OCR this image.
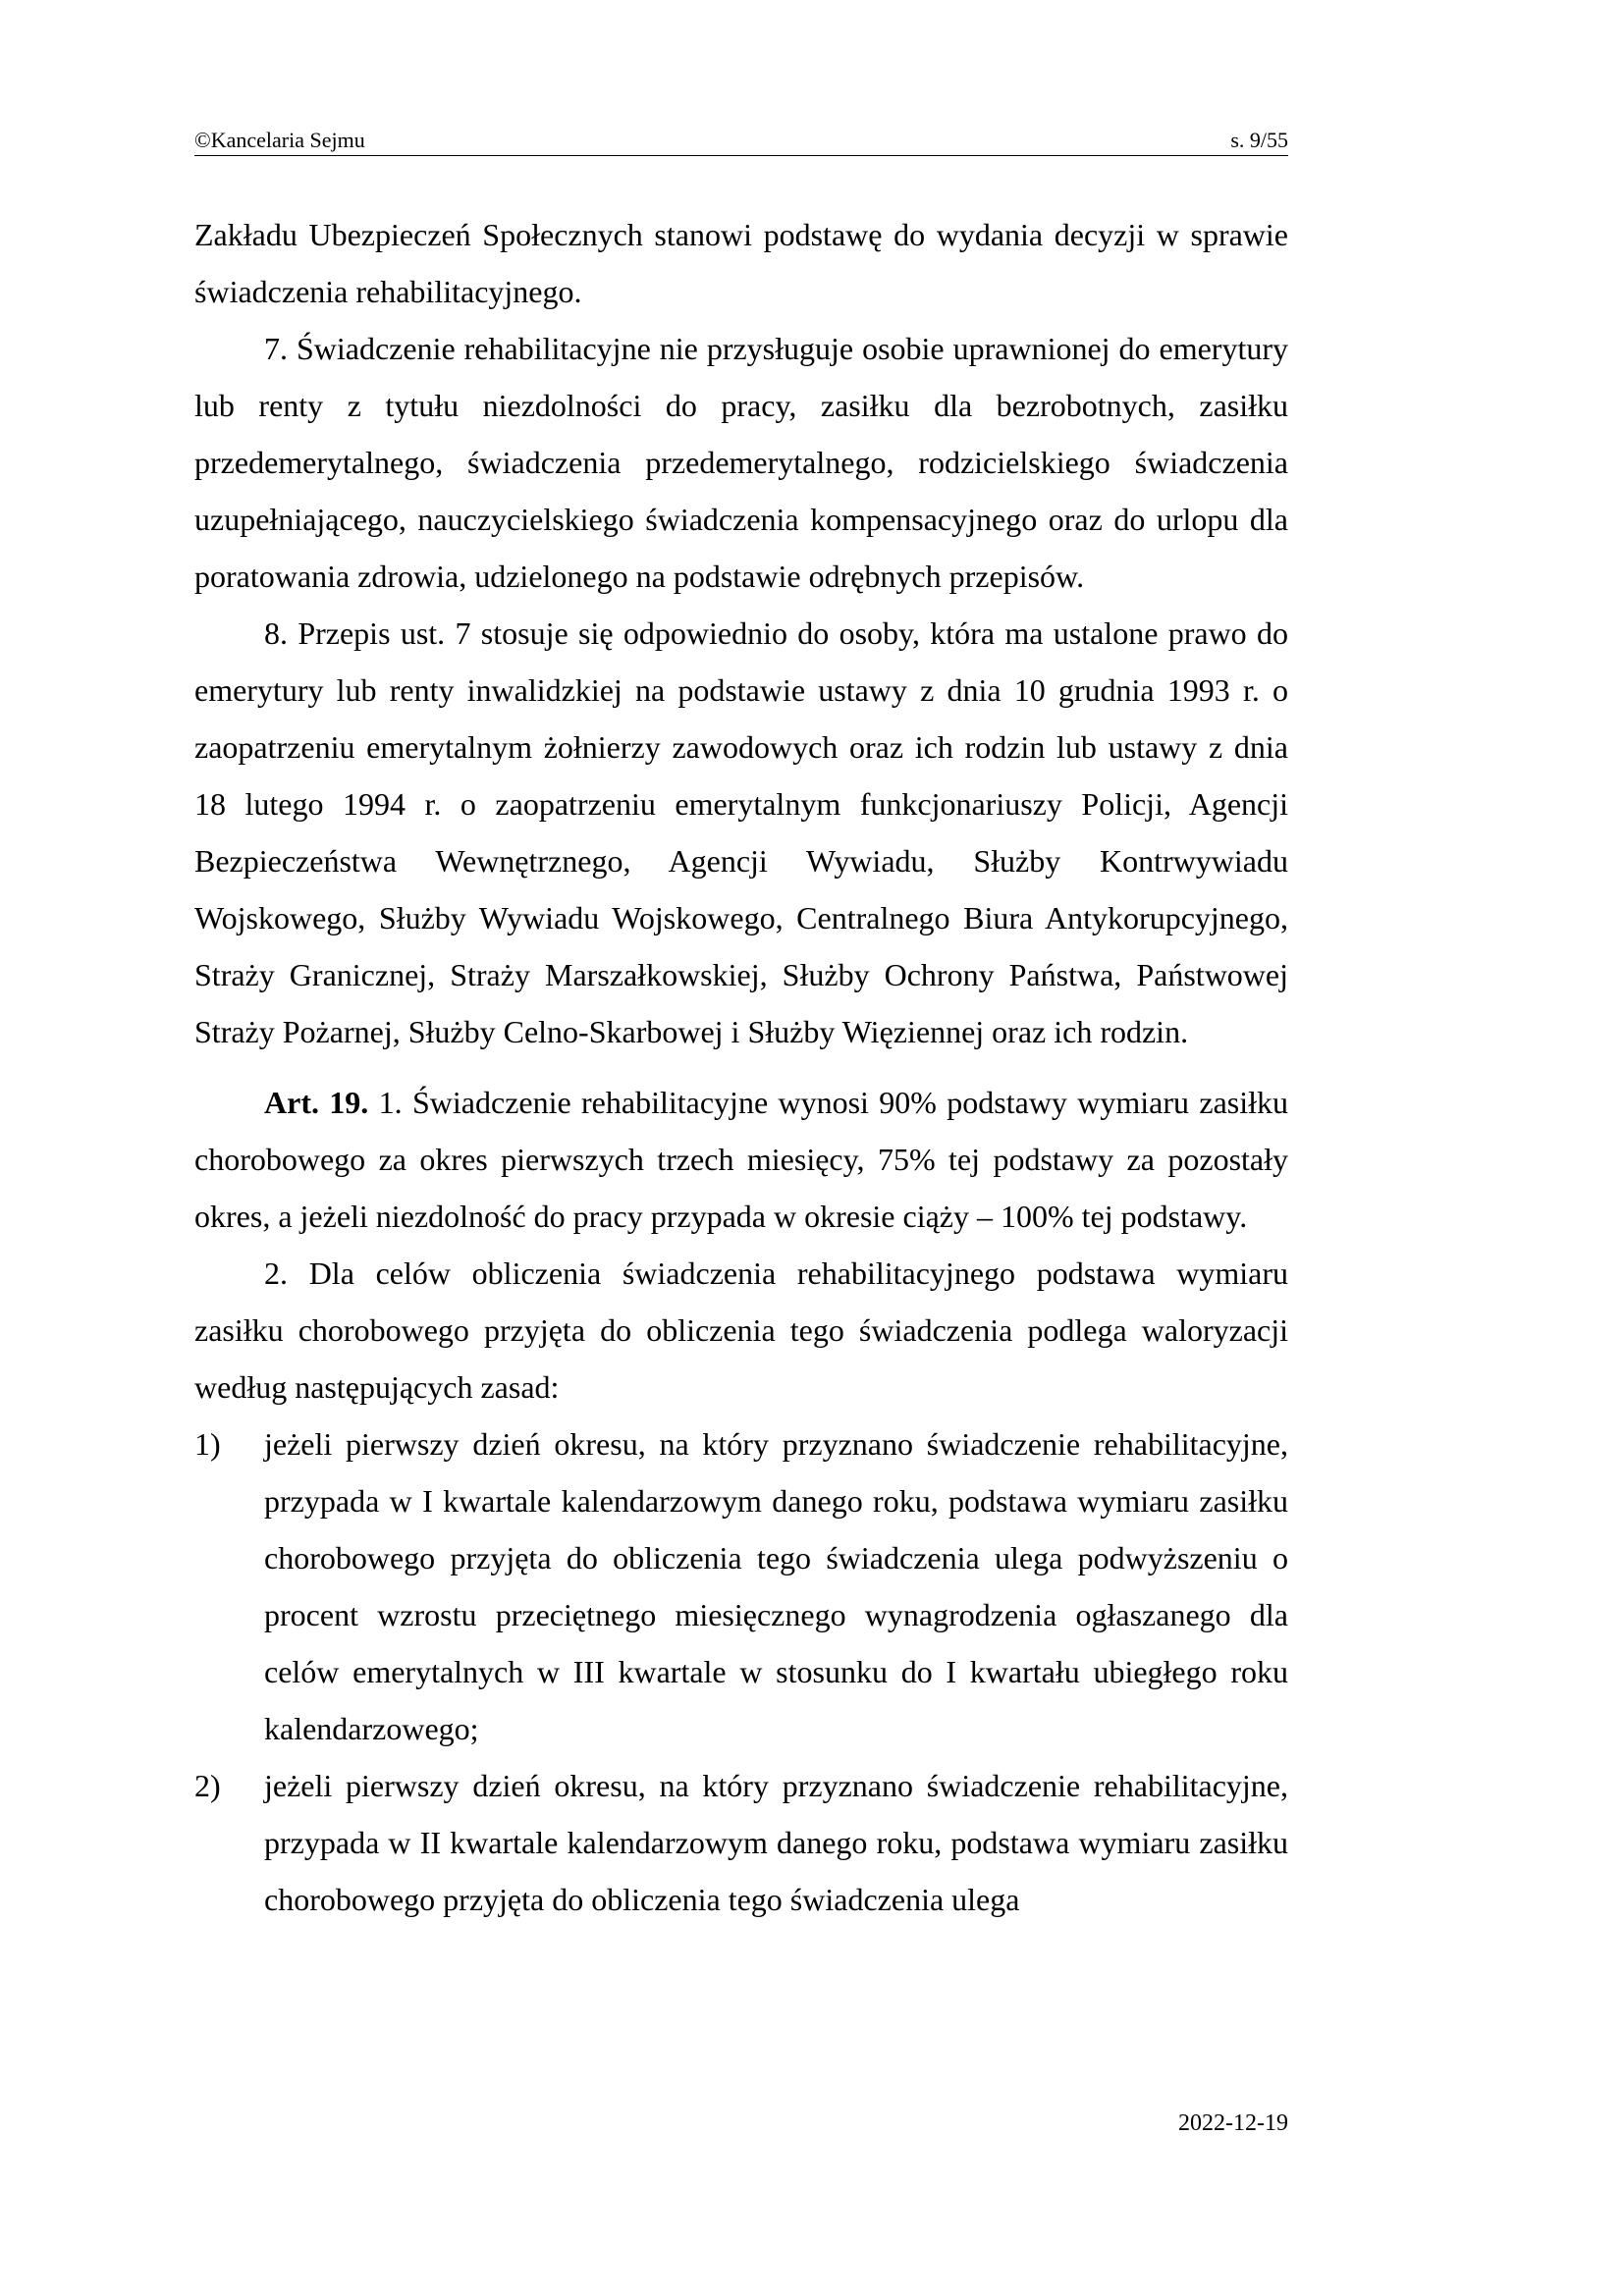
©Kancelaria Sejmu	s. 9/55

Zakładu Ubezpieczeń Społecznych stanowi podstawę do wydania decyzji w sprawie świadczenia rehabilitacyjnego.

7. Świadczenie rehabilitacyjne nie przysługuje osobie uprawnionej do emerytury lub renty z tytułu niezdolności do pracy, zasiłku dla bezrobotnych, zasiłku przedemerytalnego, świadczenia przedemerytalnego, rodzicielskiego świadczenia uzupełniającego, nauczycielskiego świadczenia kompensacyjnego oraz do urlopu dla poratowania zdrowia, udzielonego na podstawie odrębnych przepisów.

8. Przepis ust. 7 stosuje się odpowiednio do osoby, która ma ustalone prawo do emerytury lub renty inwalidzkiej na podstawie ustawy z dnia 10 grudnia 1993 r. o zaopatrzeniu emerytalnym żołnierzy zawodowych oraz ich rodzin lub ustawy z dnia 18 lutego 1994 r. o zaopatrzeniu emerytalnym funkcjonariuszy Policji, Agencji Bezpieczeństwa Wewnętrznego, Agencji Wywiadu, Służby Kontrwywiadu Wojskowego, Służby Wywiadu Wojskowego, Centralnego Biura Antykorupcyjnego, Straży Granicznej, Straży Marszałkowskiej, Służby Ochrony Państwa, Państwowej Straży Pożarnej, Służby Celno-Skarbowej i Służby Więziennej oraz ich rodzin.

Art. 19. 1. Świadczenie rehabilitacyjne wynosi 90% podstawy wymiaru zasiłku chorobowego za okres pierwszych trzech miesięcy, 75% tej podstawy za pozostały okres, a jeżeli niezdolność do pracy przypada w okresie ciąży – 100% tej podstawy.

2. Dla celów obliczenia świadczenia rehabilitacyjnego podstawa wymiaru zasiłku chorobowego przyjęta do obliczenia tego świadczenia podlega waloryzacji według następujących zasad:

1) jeżeli pierwszy dzień okresu, na który przyznano świadczenie rehabilitacyjne, przypada w I kwartale kalendarzowym danego roku, podstawa wymiaru zasiłku chorobowego przyjęta do obliczenia tego świadczenia ulega podwyższeniu o procent wzrostu przeciętnego miesięcznego wynagrodzenia ogłaszanego dla celów emerytalnych w III kwartale w stosunku do I kwartału ubiegłego roku kalendarzowego;
2) jeżeli pierwszy dzień okresu, na który przyznano świadczenie rehabilitacyjne, przypada w II kwartale kalendarzowym danego roku, podstawa wymiaru zasiłku chorobowego przyjęta do obliczenia tego świadczenia ulega
2022-12-19
